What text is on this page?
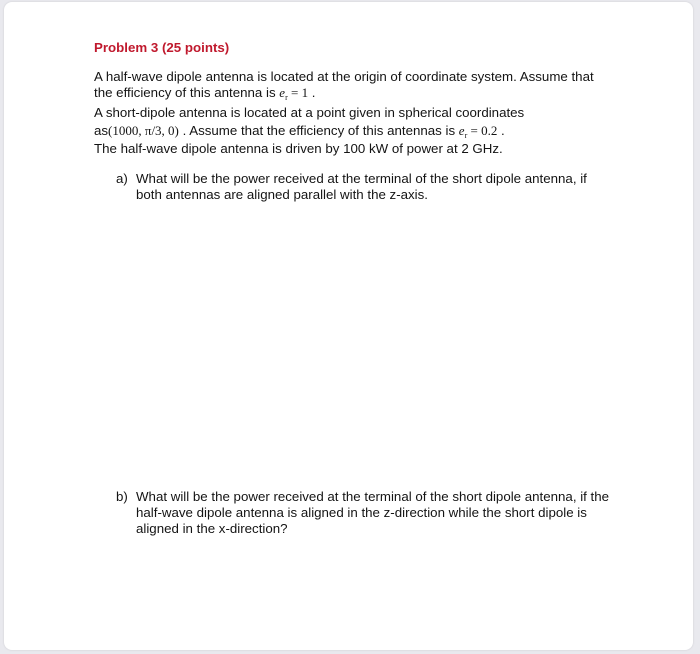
Problem 3 (25 points)
A half-wave dipole antenna is located at the origin of coordinate system. Assume that
the efficiency of this antenna is $e_r = 1$ .
A short-dipole antenna is located at a point given in spherical coordinates
as(1000, π/3, 0) . Assume that the efficiency of this antennas is $e_r = 0.2$ .
The half-wave dipole antenna is driven by 100 kW of power at 2 GHz.
a) What will be the power received at the terminal of the short dipole antenna, if both antennas are aligned parallel with the z-axis.
b) What will be the power received at the terminal of the short dipole antenna, if the half-wave dipole antenna is aligned in the z-direction while the short dipole is aligned in the x-direction?
